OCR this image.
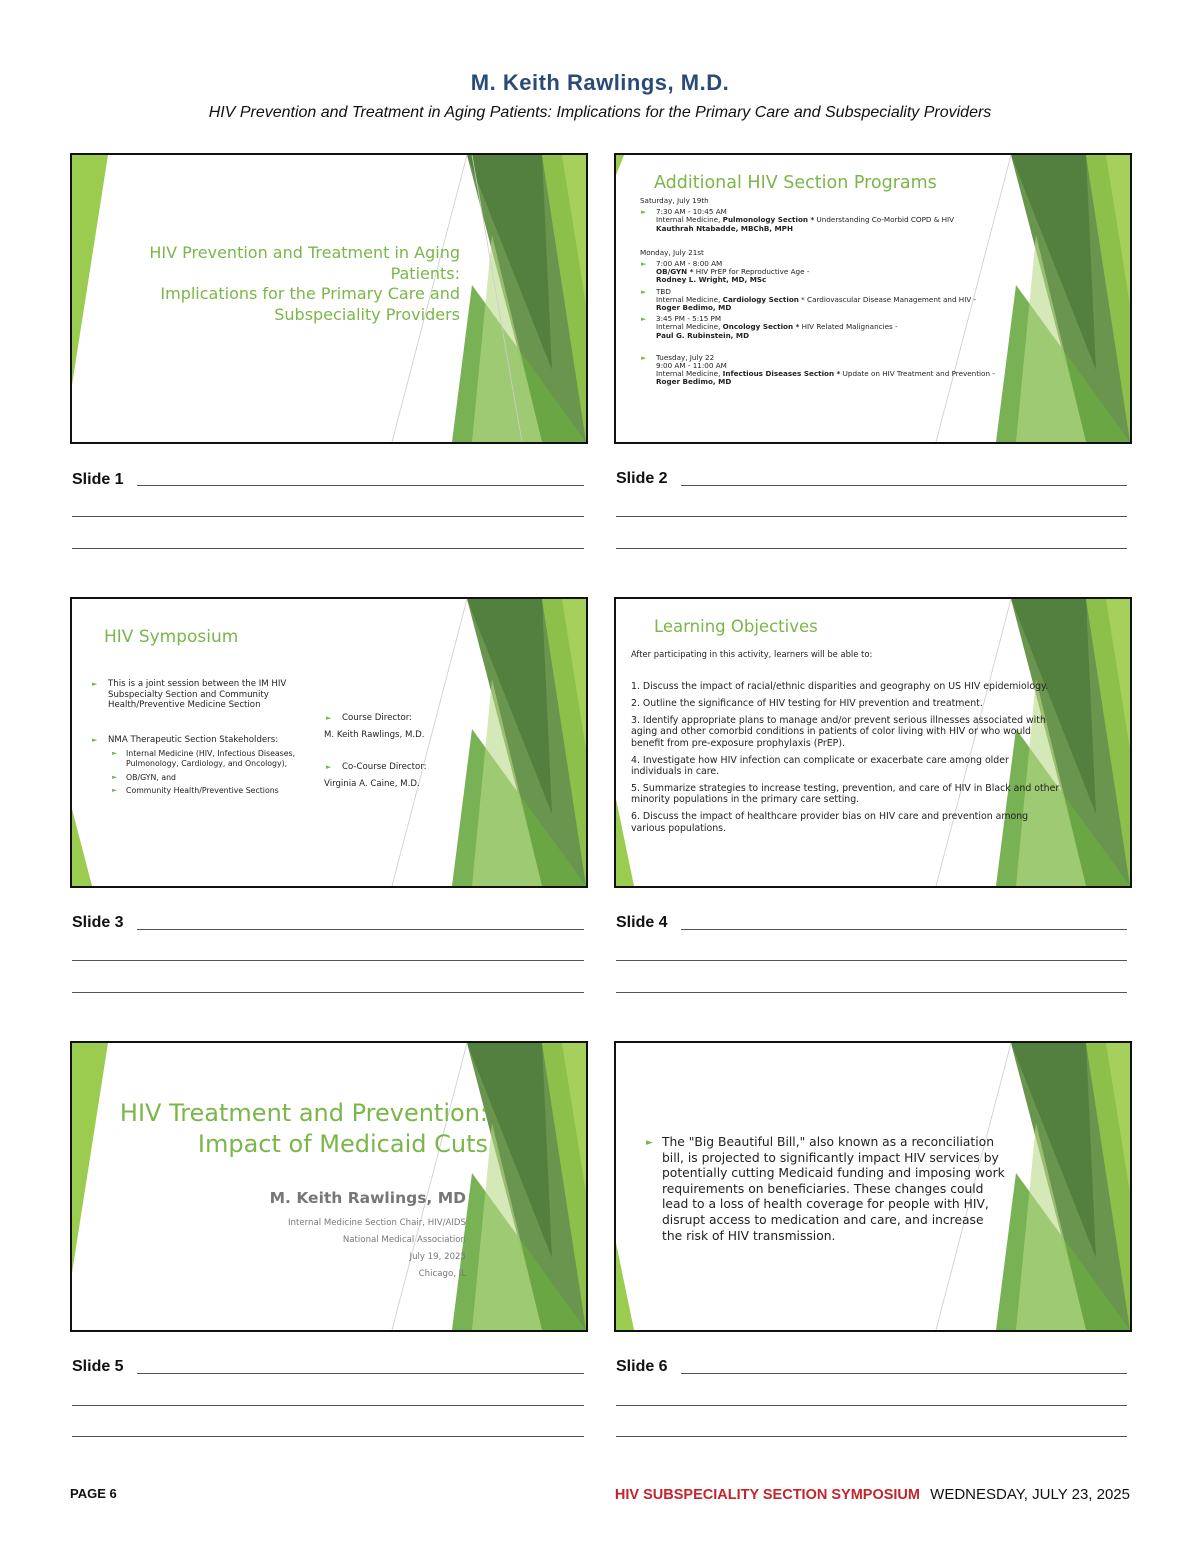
M. Keith Rawlings, M.D.
HIV Prevention and Treatment in Aging Patients: Implications for the Primary Care and Subspeciality Providers
HIV Prevention and Treatment in Aging
Patients:
Implications for the Primary Care and
Subspeciality Providers
Additional HIV Section Programs
Saturday, July 19th
► 7:30 AM - 10:45 AM
Internal Medicine, Pulmonology Section * Understanding Co-Morbid COPD & HIV
Kauthrah Ntabadde, MBChB, MPH
Monday, July 21st
► 7:00 AM - 8:00 AM
OB/GYN * HIV PrEP for Reproductive Age -
Rodney L. Wright, MD, MSc
► TBD
Internal Medicine, Cardiology Section * Cardiovascular Disease Management and HIV -
Roger Bedimo, MD
► 3:45 PM - 5:15 PM
Internal Medicine, Oncology Section * HIV Related Malignancies -
Paul G. Rubinstein, MD
► Tuesday, July 22
9:00 AM - 11:00 AM
Internal Medicine, Infectious Diseases Section * Update on HIV Treatment and Prevention -
Roger Bedimo, MD
HIV Symposium
► This is a joint session between the IM HIV Subspecialty Section and Community Health/Preventive Medicine Section
► NMA Therapeutic Section Stakeholders:
► Internal Medicine (HIV, Infectious Diseases, Pulmonology, Cardiology, and Oncology),
► OB/GYN, and
► Community Health/Preventive Sections
► Course Director:
M. Keith Rawlings, M.D.
► Co-Course Director:
Virginia A. Caine, M.D.
Learning Objectives
After participating in this activity, learners will be able to:
1. Discuss the impact of racial/ethnic disparities and geography on US HIV epidemiology.
2. Outline the significance of HIV testing for HIV prevention and treatment.
3. Identify appropriate plans to manage and/or prevent serious illnesses associated with aging and other comorbid conditions in patients of color living with HIV or who would benefit from pre-exposure prophylaxis (PrEP).
4. Investigate how HIV infection can complicate or exacerbate care among older individuals in care.
5. Summarize strategies to increase testing, prevention, and care of HIV in Black and other minority populations in the primary care setting.
6. Discuss the impact of healthcare provider bias on HIV care and prevention among various populations.
HIV Treatment and Prevention:
Impact of Medicaid Cuts
M. Keith Rawlings, MD
Internal Medicine Section Chair, HIV/AIDS
National Medical Association
July 19, 2025
Chicago, IL
► The "Big Beautiful Bill," also known as a reconciliation bill, is projected to significantly impact HIV services by potentially cutting Medicaid funding and imposing work requirements on beneficiaries. These changes could lead to a loss of health coverage for people with HIV, disrupt access to medication and care, and increase the risk of HIV transmission.
Slide 1	Slide 2
Slide 3	Slide 4
Slide 5	Slide 6
PAGE 6	HIV SUBSPECIALITY SECTION SYMPOSIUM WEDNESDAY, JULY 23, 2025
